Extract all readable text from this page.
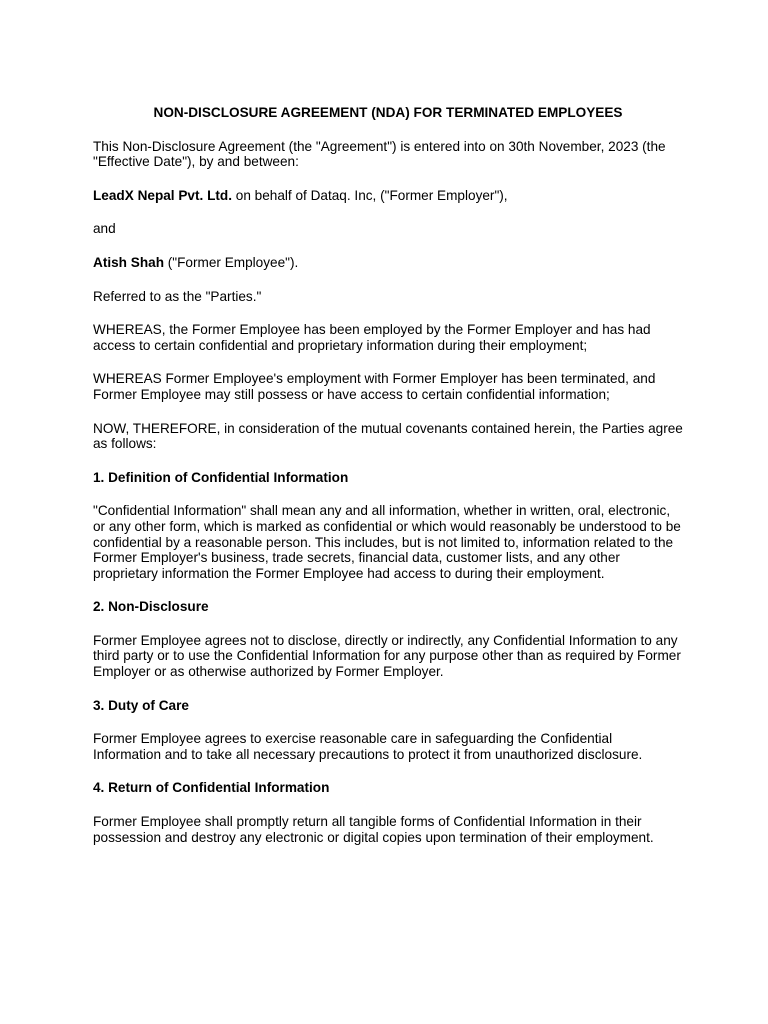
NON-DISCLOSURE AGREEMENT (NDA) FOR TERMINATED EMPLOYEES

This Non-Disclosure Agreement (the "Agreement") is entered into on 30th November, 2023 (the "Effective Date"), by and between:

LeadX Nepal Pvt. Ltd. on behalf of Dataq. Inc, ("Former Employer"),

and

Atish Shah ("Former Employee").

Referred to as the "Parties."

WHEREAS, the Former Employee has been employed by the Former Employer and has had access to certain confidential and proprietary information during their employment;

WHEREAS Former Employee's employment with Former Employer has been terminated, and Former Employee may still possess or have access to certain confidential information;

NOW, THEREFORE, in consideration of the mutual covenants contained herein, the Parties agree as follows:

1. Definition of Confidential Information

"Confidential Information" shall mean any and all information, whether in written, oral, electronic, or any other form, which is marked as confidential or which would reasonably be understood to be confidential by a reasonable person. This includes, but is not limited to, information related to the Former Employer's business, trade secrets, financial data, customer lists, and any other proprietary information the Former Employee had access to during their employment.

2. Non-Disclosure

Former Employee agrees not to disclose, directly or indirectly, any Confidential Information to any third party or to use the Confidential Information for any purpose other than as required by Former Employer or as otherwise authorized by Former Employer.

3. Duty of Care

Former Employee agrees to exercise reasonable care in safeguarding the Confidential Information and to take all necessary precautions to protect it from unauthorized disclosure.

4. Return of Confidential Information

Former Employee shall promptly return all tangible forms of Confidential Information in their possession and destroy any electronic or digital copies upon termination of their employment.
